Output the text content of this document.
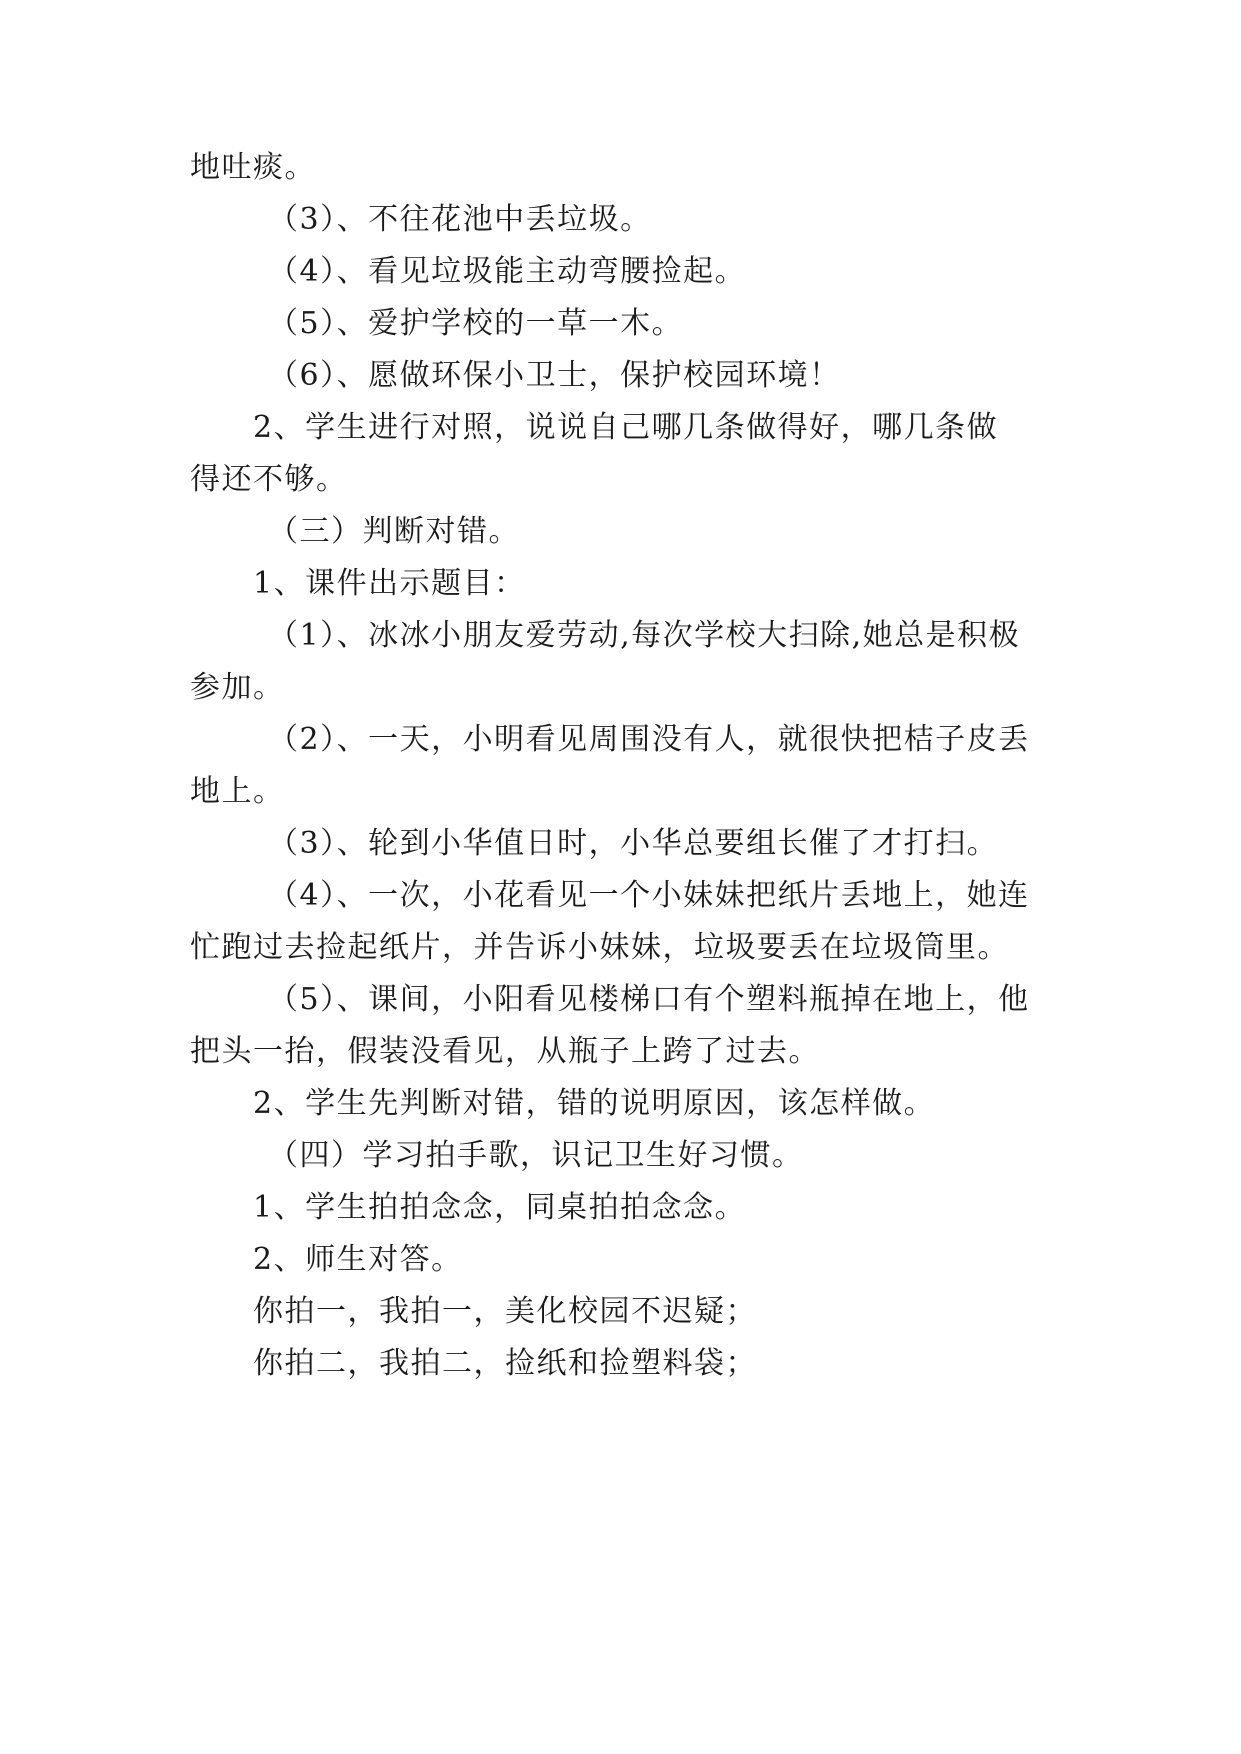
地吐痰。
（3）、不往花池中丢垃圾。
（4）、看见垃圾能主动弯腰捡起。
（5）、爱护学校的一草一木。
（6）、愿做环保小卫士，保护校园环境！
2、学生进行对照，说说自己哪几条做得好，哪几条做
得还不够。
（三）判断对错。
1、课件出示题目：
（1）、冰冰小朋友爱劳动,每次学校大扫除,她总是积极
参加。
（2）、一天，小明看见周围没有人，就很快把桔子皮丢
地上。
（3）、轮到小华值日时，小华总要组长催了才打扫。
（4）、一次，小花看见一个小妹妹把纸片丢地上，她连
忙跑过去捡起纸片，并告诉小妹妹，垃圾要丢在垃圾筒里。
（5）、课间，小阳看见楼梯口有个塑料瓶掉在地上，他
把头一抬，假装没看见，从瓶子上跨了过去。
2、学生先判断对错，错的说明原因，该怎样做。
（四）学习拍手歌，识记卫生好习惯。
1、学生拍拍念念，同桌拍拍念念。
2、师生对答。
你拍一，我拍一，美化校园不迟疑；
你拍二，我拍二，捡纸和捡塑料袋；
